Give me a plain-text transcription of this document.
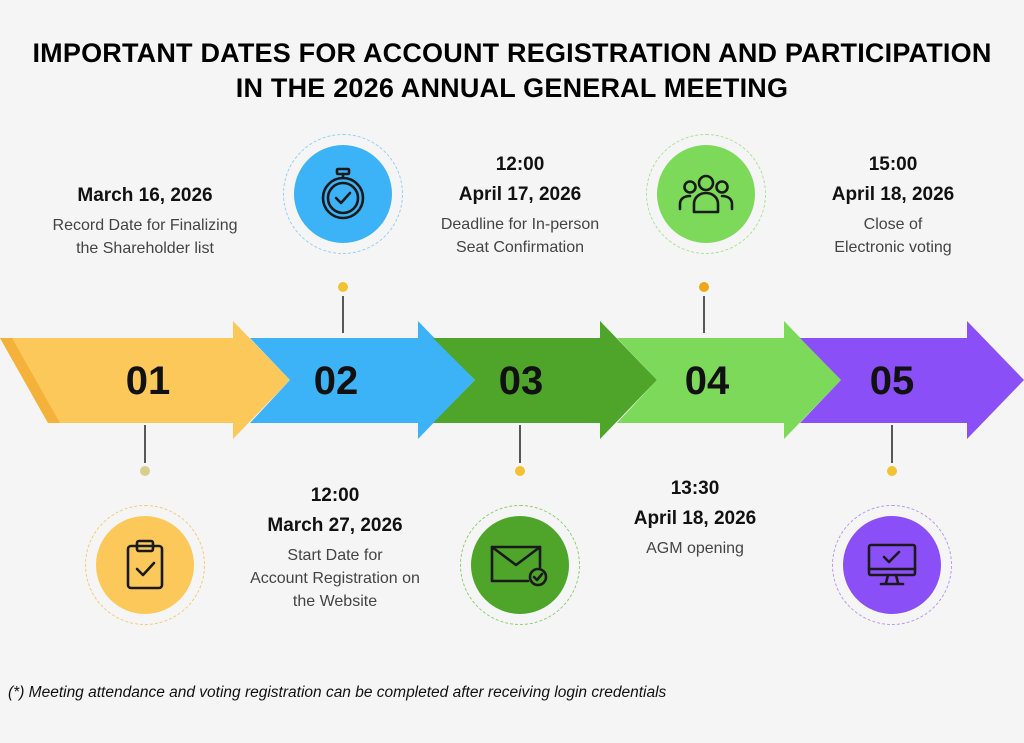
IMPORTANT DATES FOR ACCOUNT REGISTRATION AND PARTICIPATION
IN THE 2026 ANNUAL GENERAL MEETING
01	02	03	04	05
March 16, 2026
Record Date for Finalizing
the Shareholder list
12:00
March 27, 2026
Start Date for
Account Registration on
the Website
12:00
April 17, 2026
Deadline for In-person
Seat Confirmation
13:30
April 18, 2026
AGM opening
15:00
April 18, 2026
Close of
Electronic voting
(*) Meeting attendance and voting registration can be completed after receiving login credentials
